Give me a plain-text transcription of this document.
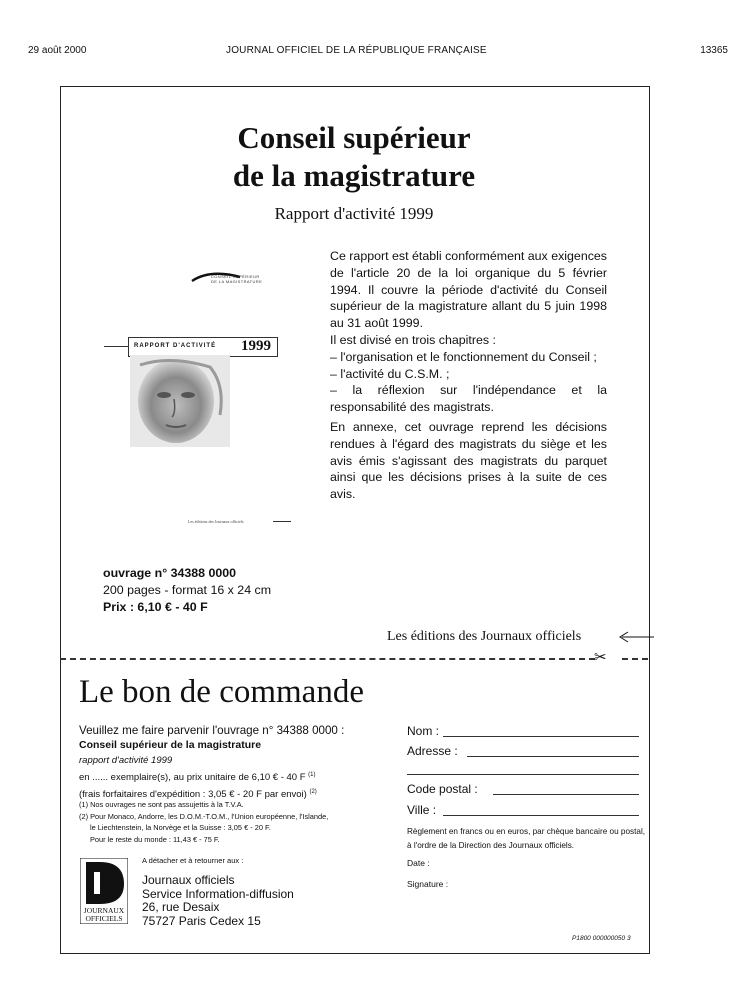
29 août 2000	JOURNAL OFFICIEL DE LA RÉPUBLIQUE FRANÇAISE	13365
Conseil supérieur
de la magistrature
Rapport d'activité 1999
CONSEIL SUPÉRIEUR
DE LA MAGISTRATURE
RAPPORT D'ACTIVITÉ 1999
Les éditions des Journaux officiels

Ce rapport est établi conformément aux exigences de l'article 20 de la loi organique du 5 février 1994. Il couvre la période d'activité du Conseil supérieur de la magistrature allant du 5 juin 1998 au 31 août 1999.

Il est divisé en trois chapitres :

– l'organisation et le fonctionnement du Conseil ;

– l'activité du C.S.M. ;

– la réflexion sur l'indépendance et la responsabilité des magistrats.

En annexe, cet ouvrage reprend les décisions rendues à l'égard des magistrats du siège et les avis émis s'agissant des magistrats du parquet ainsi que les décisions prises à la suite de ces avis.

ouvrage n° 34388 0000
200 pages - format 16 x 24 cm
Prix : 6,10 € - 40 F
Les éditions des Journaux officiels
✂
Le bon de commande
Veuillez me faire parvenir l'ouvrage n° 34388 0000 :
Conseil supérieur de la magistrature
rapport d'activité 1999
en ...... exemplaire(s), au prix unitaire de 6,10 € - 40 F $^{(1)}$
(frais forfaitaires d'expédition : 3,05 € - 20 F par envoi) $^{(2)}$
(1) Nos ouvrages ne sont pas assujettis à la T.V.A.
(2) Pour Monaco, Andorre, les D.O.M.-T.O.M., l'Union européenne, l'Islande,
le Liechtenstein, la Norvège et la Suisse : 3,05 € - 20 F.
Pour le reste du monde : 11,43 € - 75 F.
A détacher et à retourner aux :
JOURNAUX
OFFICIELS
Journaux officiels
Service Information-diffusion
26, rue Desaix
75727 Paris Cedex 15
Nom :
Adresse :
Code postal :
Ville :
Règlement en francs ou en euros, par chèque bancaire ou postal, à l'ordre de la Direction des Journaux officiels.
Date :
Signature :
P1800 000000050 3
